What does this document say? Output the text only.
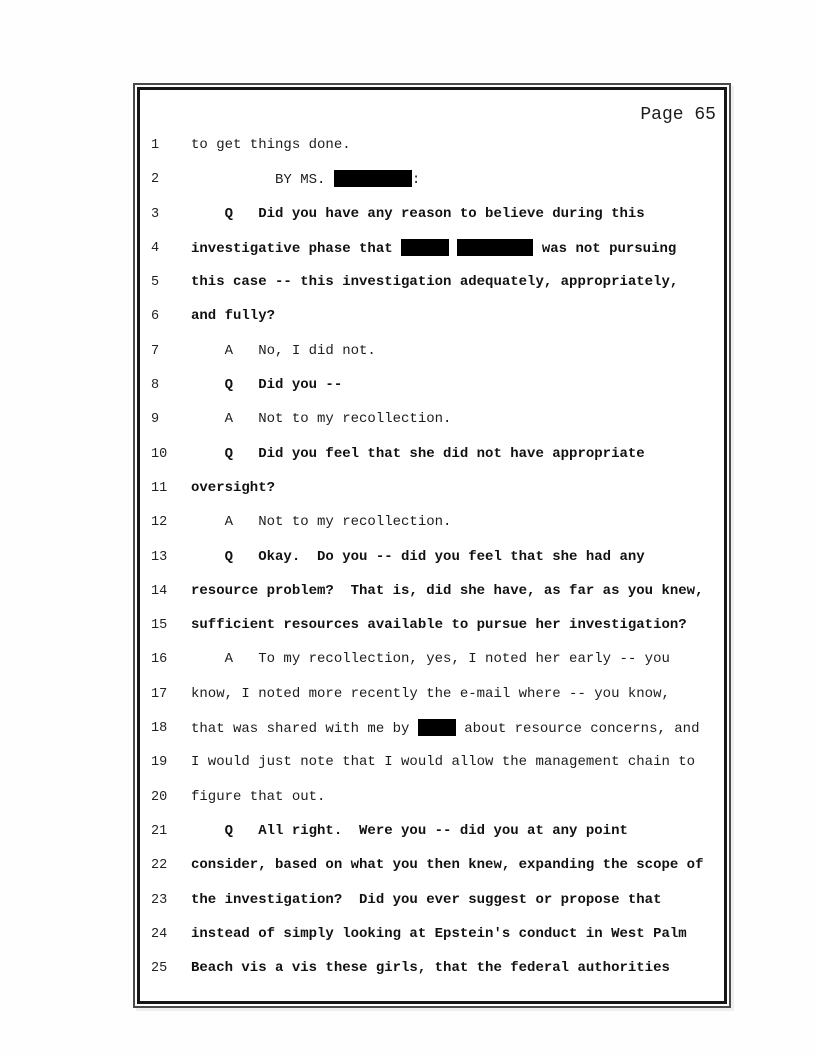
Page 65
1	to get things done.
2	BY MS.	:
3	Q   Did you have any reason to believe during this
4	investigative phase that	was not pursuing
5	this case -- this investigation adequately, appropriately,
6	and fully?
7	A   No, I did not.
8	Q   Did you --
9	A   Not to my recollection.
10	Q   Did you feel that she did not have appropriate
11	oversight?
12	A   Not to my recollection.
13	Q   Okay.  Do you -- did you feel that she had any
14	resource problem?  That is, did she have, as far as you knew,
15	sufficient resources available to pursue her investigation?
16	A   To my recollection, yes, I noted her early -- you
17	know, I noted more recently the e-mail where -- you know,
18	that was shared with me by	about resource concerns, and
19	I would just note that I would allow the management chain to
20	figure that out.
21	Q   All right.  Were you -- did you at any point
22	consider, based on what you then knew, expanding the scope of
23	the investigation?  Did you ever suggest or propose that
24	instead of simply looking at Epstein's conduct in West Palm
25	Beach vis a vis these girls, that the federal authorities
